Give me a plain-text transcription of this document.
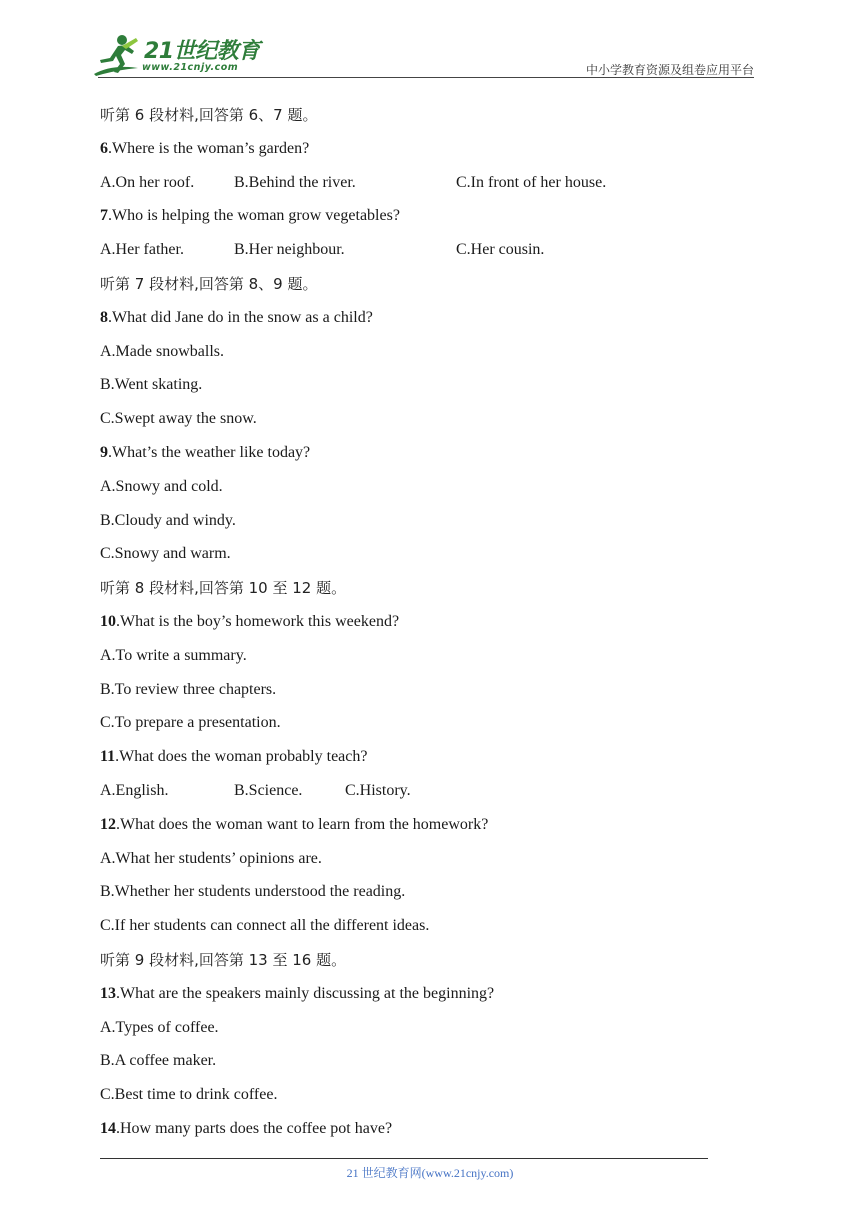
21世纪教育
www.21cnjy.com	中小学教育资源及组卷应用平台
听第 6 段材料,回答第 6、7 题。
6.Where is the woman’s garden?
A.On her roof. B.Behind the river.	C.In front of her house.
7.Who is helping the woman grow vegetables?
A.Her father.	B.Her neighbour.	C.Her cousin.
听第 7 段材料,回答第 8、9 题。
8.What did Jane do in the snow as a child?
A.Made snowballs.
B.Went skating.
C.Swept away the snow.
9.What’s the weather like today?
A.Snowy and cold.
B.Cloudy and windy.
C.Snowy and warm.
听第 8 段材料,回答第 10 至 12 题。
10.What is the boy’s homework this weekend?
A.To write a summary.
B.To review three chapters.
C.To prepare a presentation.
11.What does the woman probably teach?
A.English.	B.Science.	C.History.
12.What does the woman want to learn from the homework?
A.What her students’ opinions are.
B.Whether her students understood the reading.
C.If her students can connect all the different ideas.
听第 9 段材料,回答第 13 至 16 题。
13.What are the speakers mainly discussing at the beginning?
A.Types of coffee.
B.A coffee maker.
C.Best time to drink coffee.
14.How many parts does the coffee pot have?
21 世纪教育网(www.21cnjy.com)
